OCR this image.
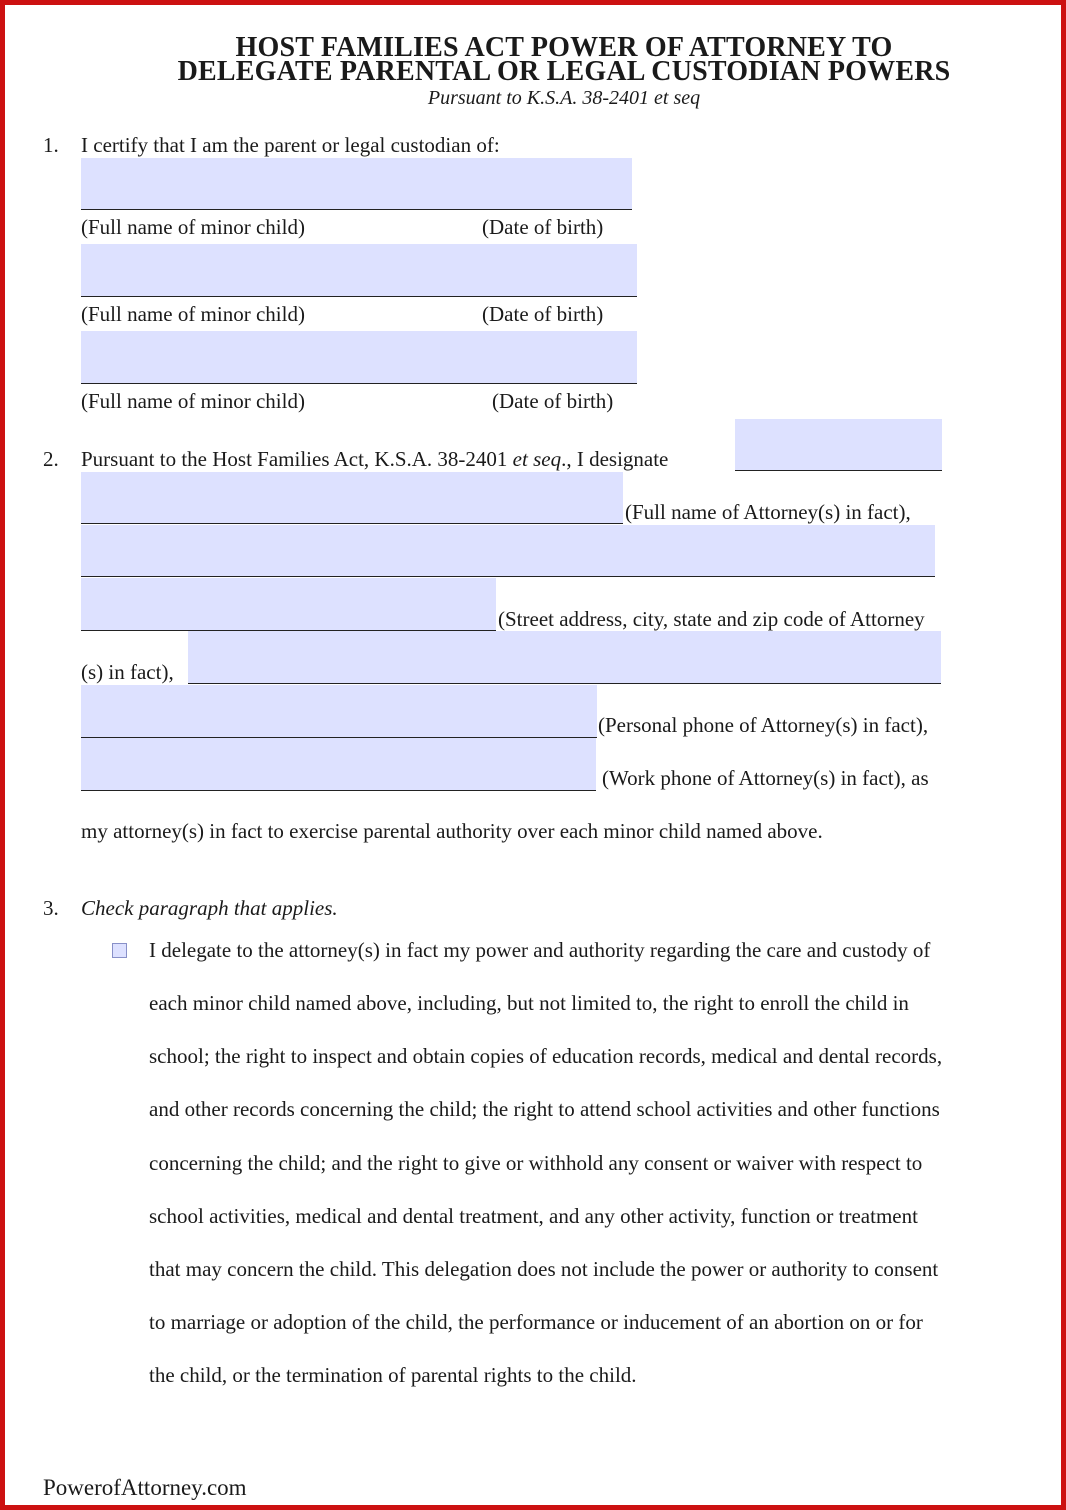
HOST FAMILIES ACT POWER OF ATTORNEY TO
DELEGATE PARENTAL OR LEGAL CUSTODIAN POWERS
Pursuant to K.S.A. 38-2401 et seq
1. I certify that I am the parent or legal custodian of:
(Full name of minor child)	(Date of birth)
(Full name of minor child)	(Date of birth)
(Full name of minor child)	(Date of birth)
2. Pursuant to the Host Families Act, K.S.A. 38-2401 et seq., I designate
(Full name of Attorney(s) in fact),
(Street address, city, state and zip code of Attorney
(s) in fact),
(Personal phone of Attorney(s) in fact),
(Work phone of Attorney(s) in fact), as
my attorney(s) in fact to exercise parental authority over each minor child named above.
3. Check paragraph that applies.
I delegate to the attorney(s) in fact my power and authority regarding the care and custody of
each minor child named above, including, but not limited to, the right to enroll the child in
school; the right to inspect and obtain copies of education records, medical and dental records,
and other records concerning the child; the right to attend school activities and other functions
concerning the child; and the right to give or withhold any consent or waiver with respect to
school activities, medical and dental treatment, and any other activity, function or treatment
that may concern the child. This delegation does not include the power or authority to consent
to marriage or adoption of the child, the performance or inducement of an abortion on or for
the child, or the termination of parental rights to the child.
PowerofAttorney.com
